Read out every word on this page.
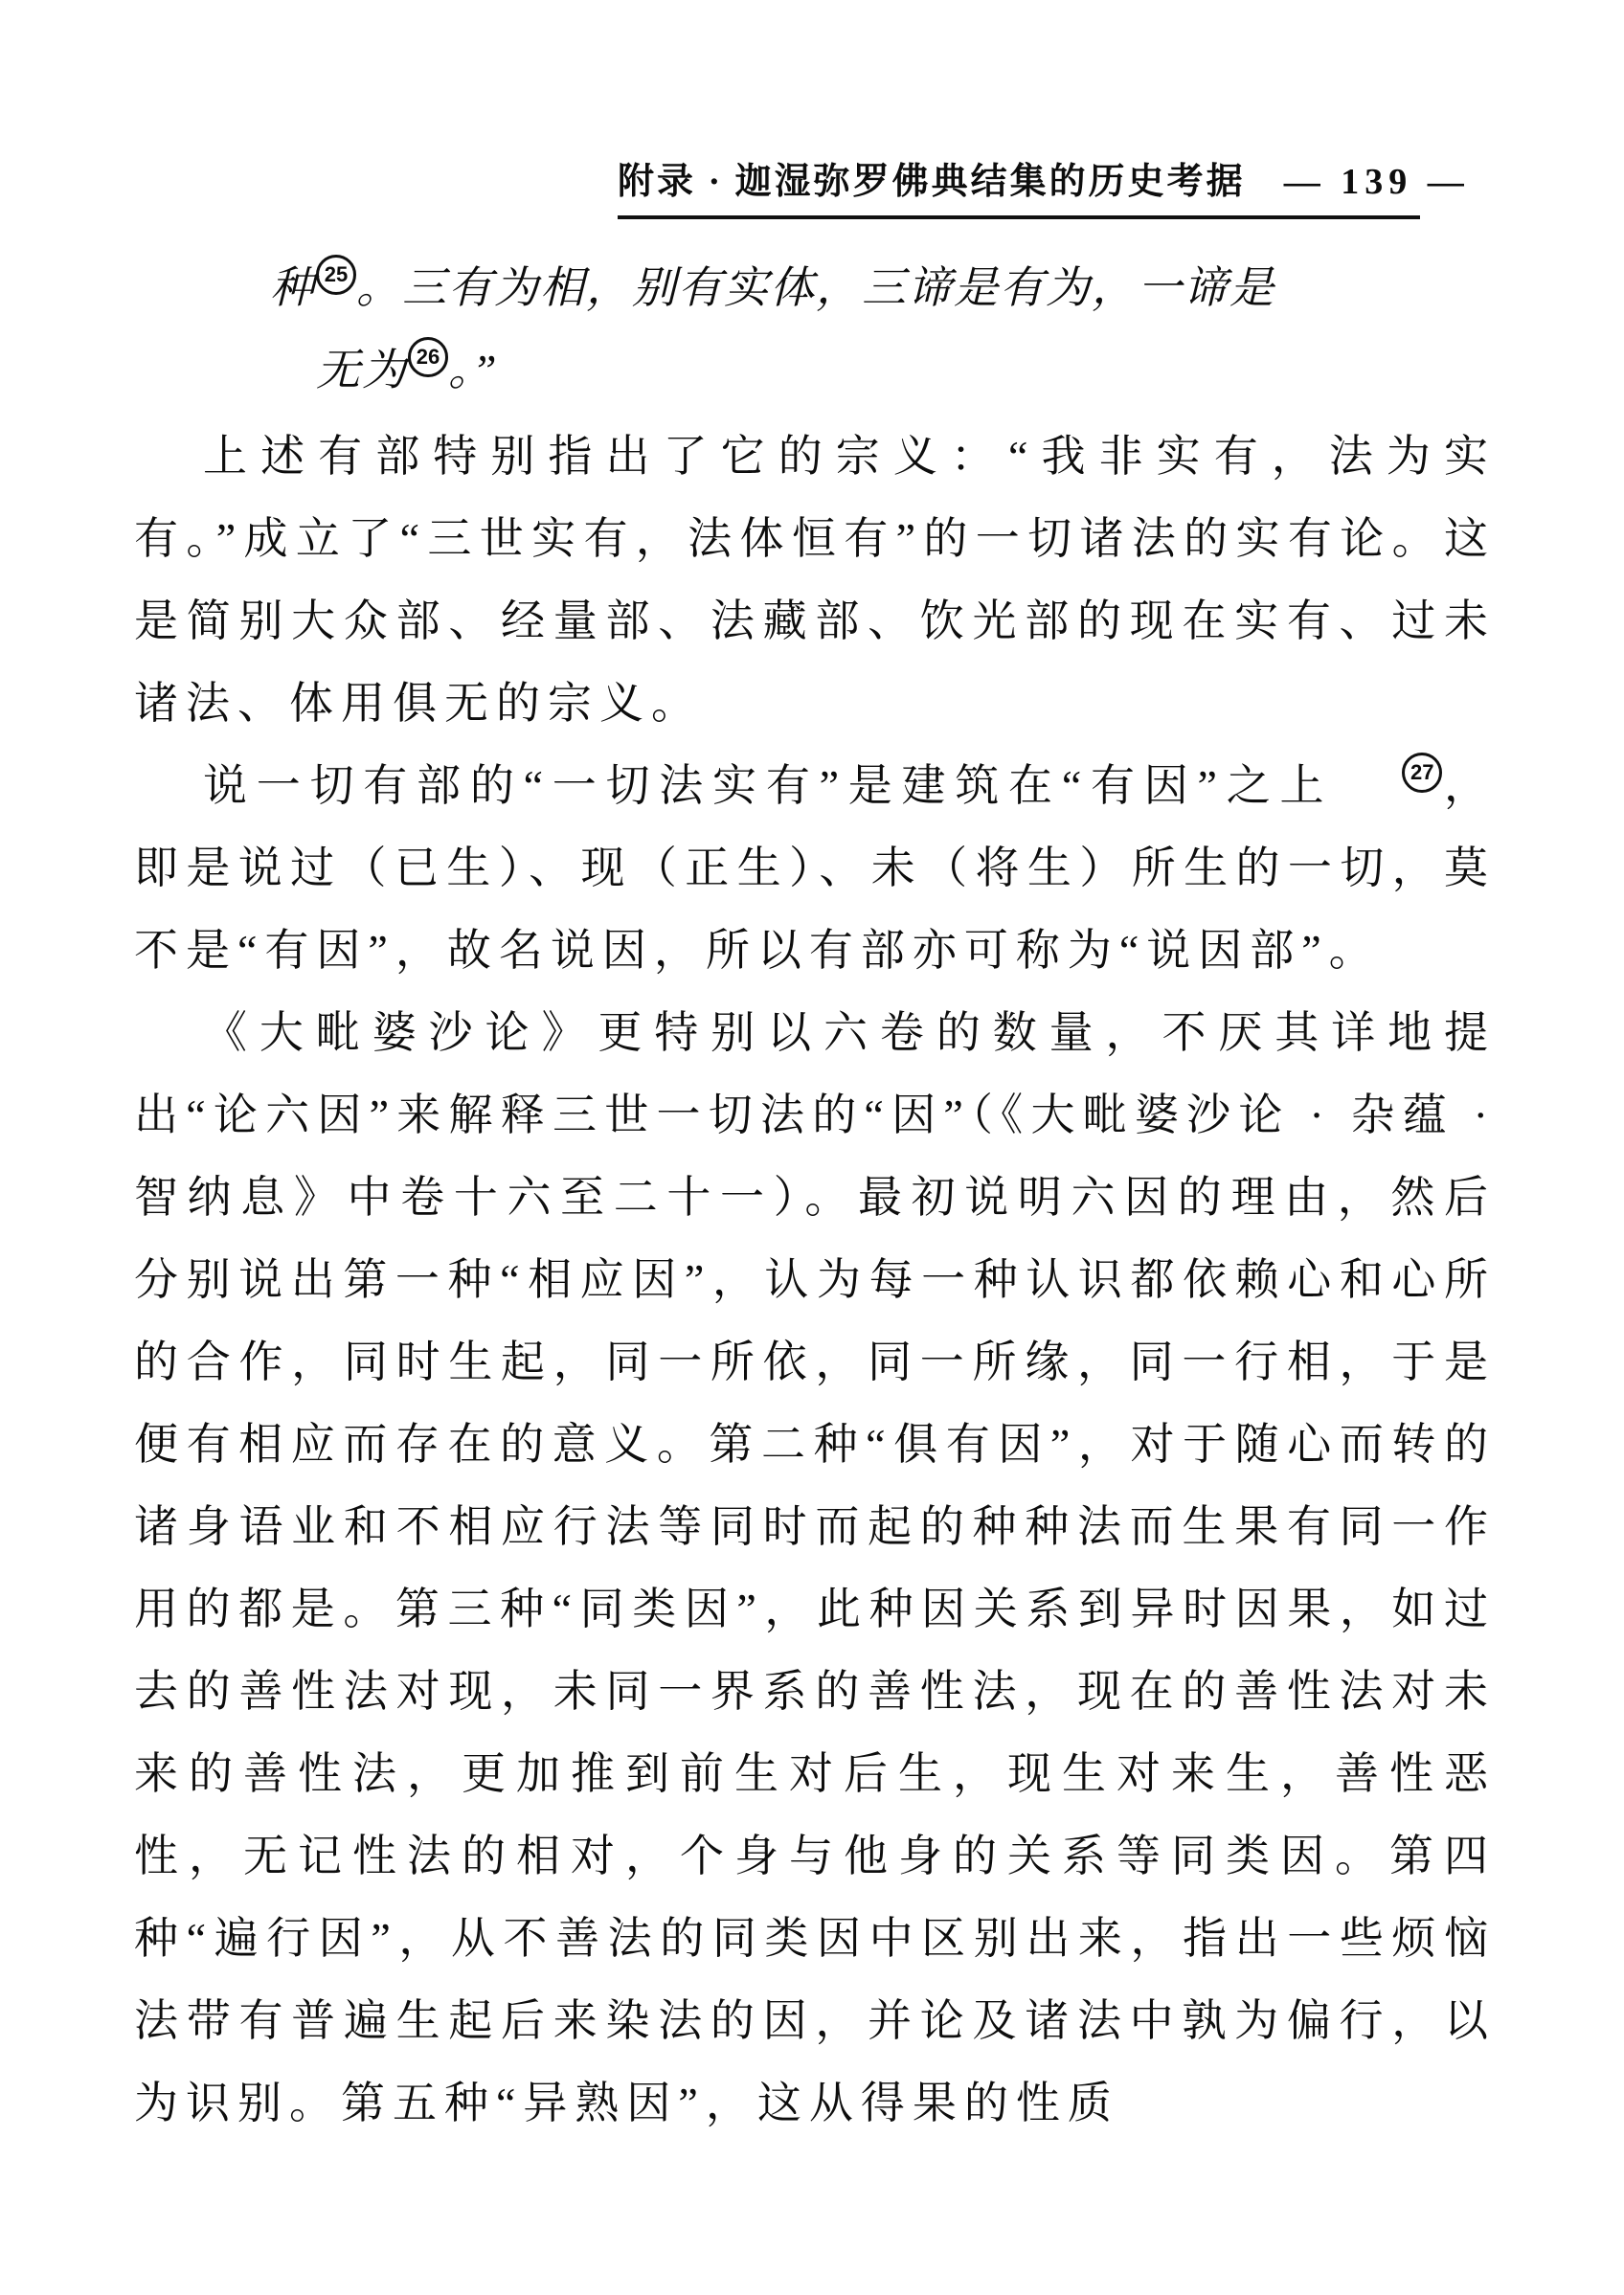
附录 · 迦湿弥罗佛典结集的历史考据 — 139 —
种 $^{25}$ 。三有为相，别有实体，三谛是有为，一谛是
无为 $^{26}$ 。”

上述有部特别指出了它的宗义：“我非实有，法为实有。”成立了“三世实有，法体恒有”的一切诸法的实有论。这是简别大众部、经量部、法藏部、饮光部的现在实有、过未诸法、体用俱无的宗义。

说一切有部的“一切法实有”是建筑在“有因”之上	$^{27}$ ，即是说过（已生）、现（正生）、未（将生）所生的一切，莫不是“有因”，故名说因，所以有部亦可称为“说因部”。

《大毗婆沙论》更特别以六卷的数量，不厌其详地提出“论六因”来解释三世一切法的“因”（《大毗婆沙论 · 杂蕴 · 智纳息》中卷十六至二十一）。最初说明六因的理由，然后分别说出第一种“相应因”，认为每一种认识都依赖心和心所的合作，同时生起，同一所依，同一所缘，同一行相，于是便有相应而存在的意义。第二种“俱有因”，对于随心而转的诸身语业和不相应行法等同时而起的种种法而生果有同一作用的都是。第三种“同类因”，此种因关系到异时因果，如过去的善性法对现，未同一界系的善性法，现在的善性法对未来的善性法，更加推到前生对后生，现生对来生，善性恶性，无记性法的相对，个身与他身的关系等同类因。第四种“遍行因”，从不善法的同类因中区别出来，指出一些烦恼法带有普遍生起后来染法的因，并论及诸法中孰为偏行，以为识别。第五种“异熟因”，这从得果的性质
